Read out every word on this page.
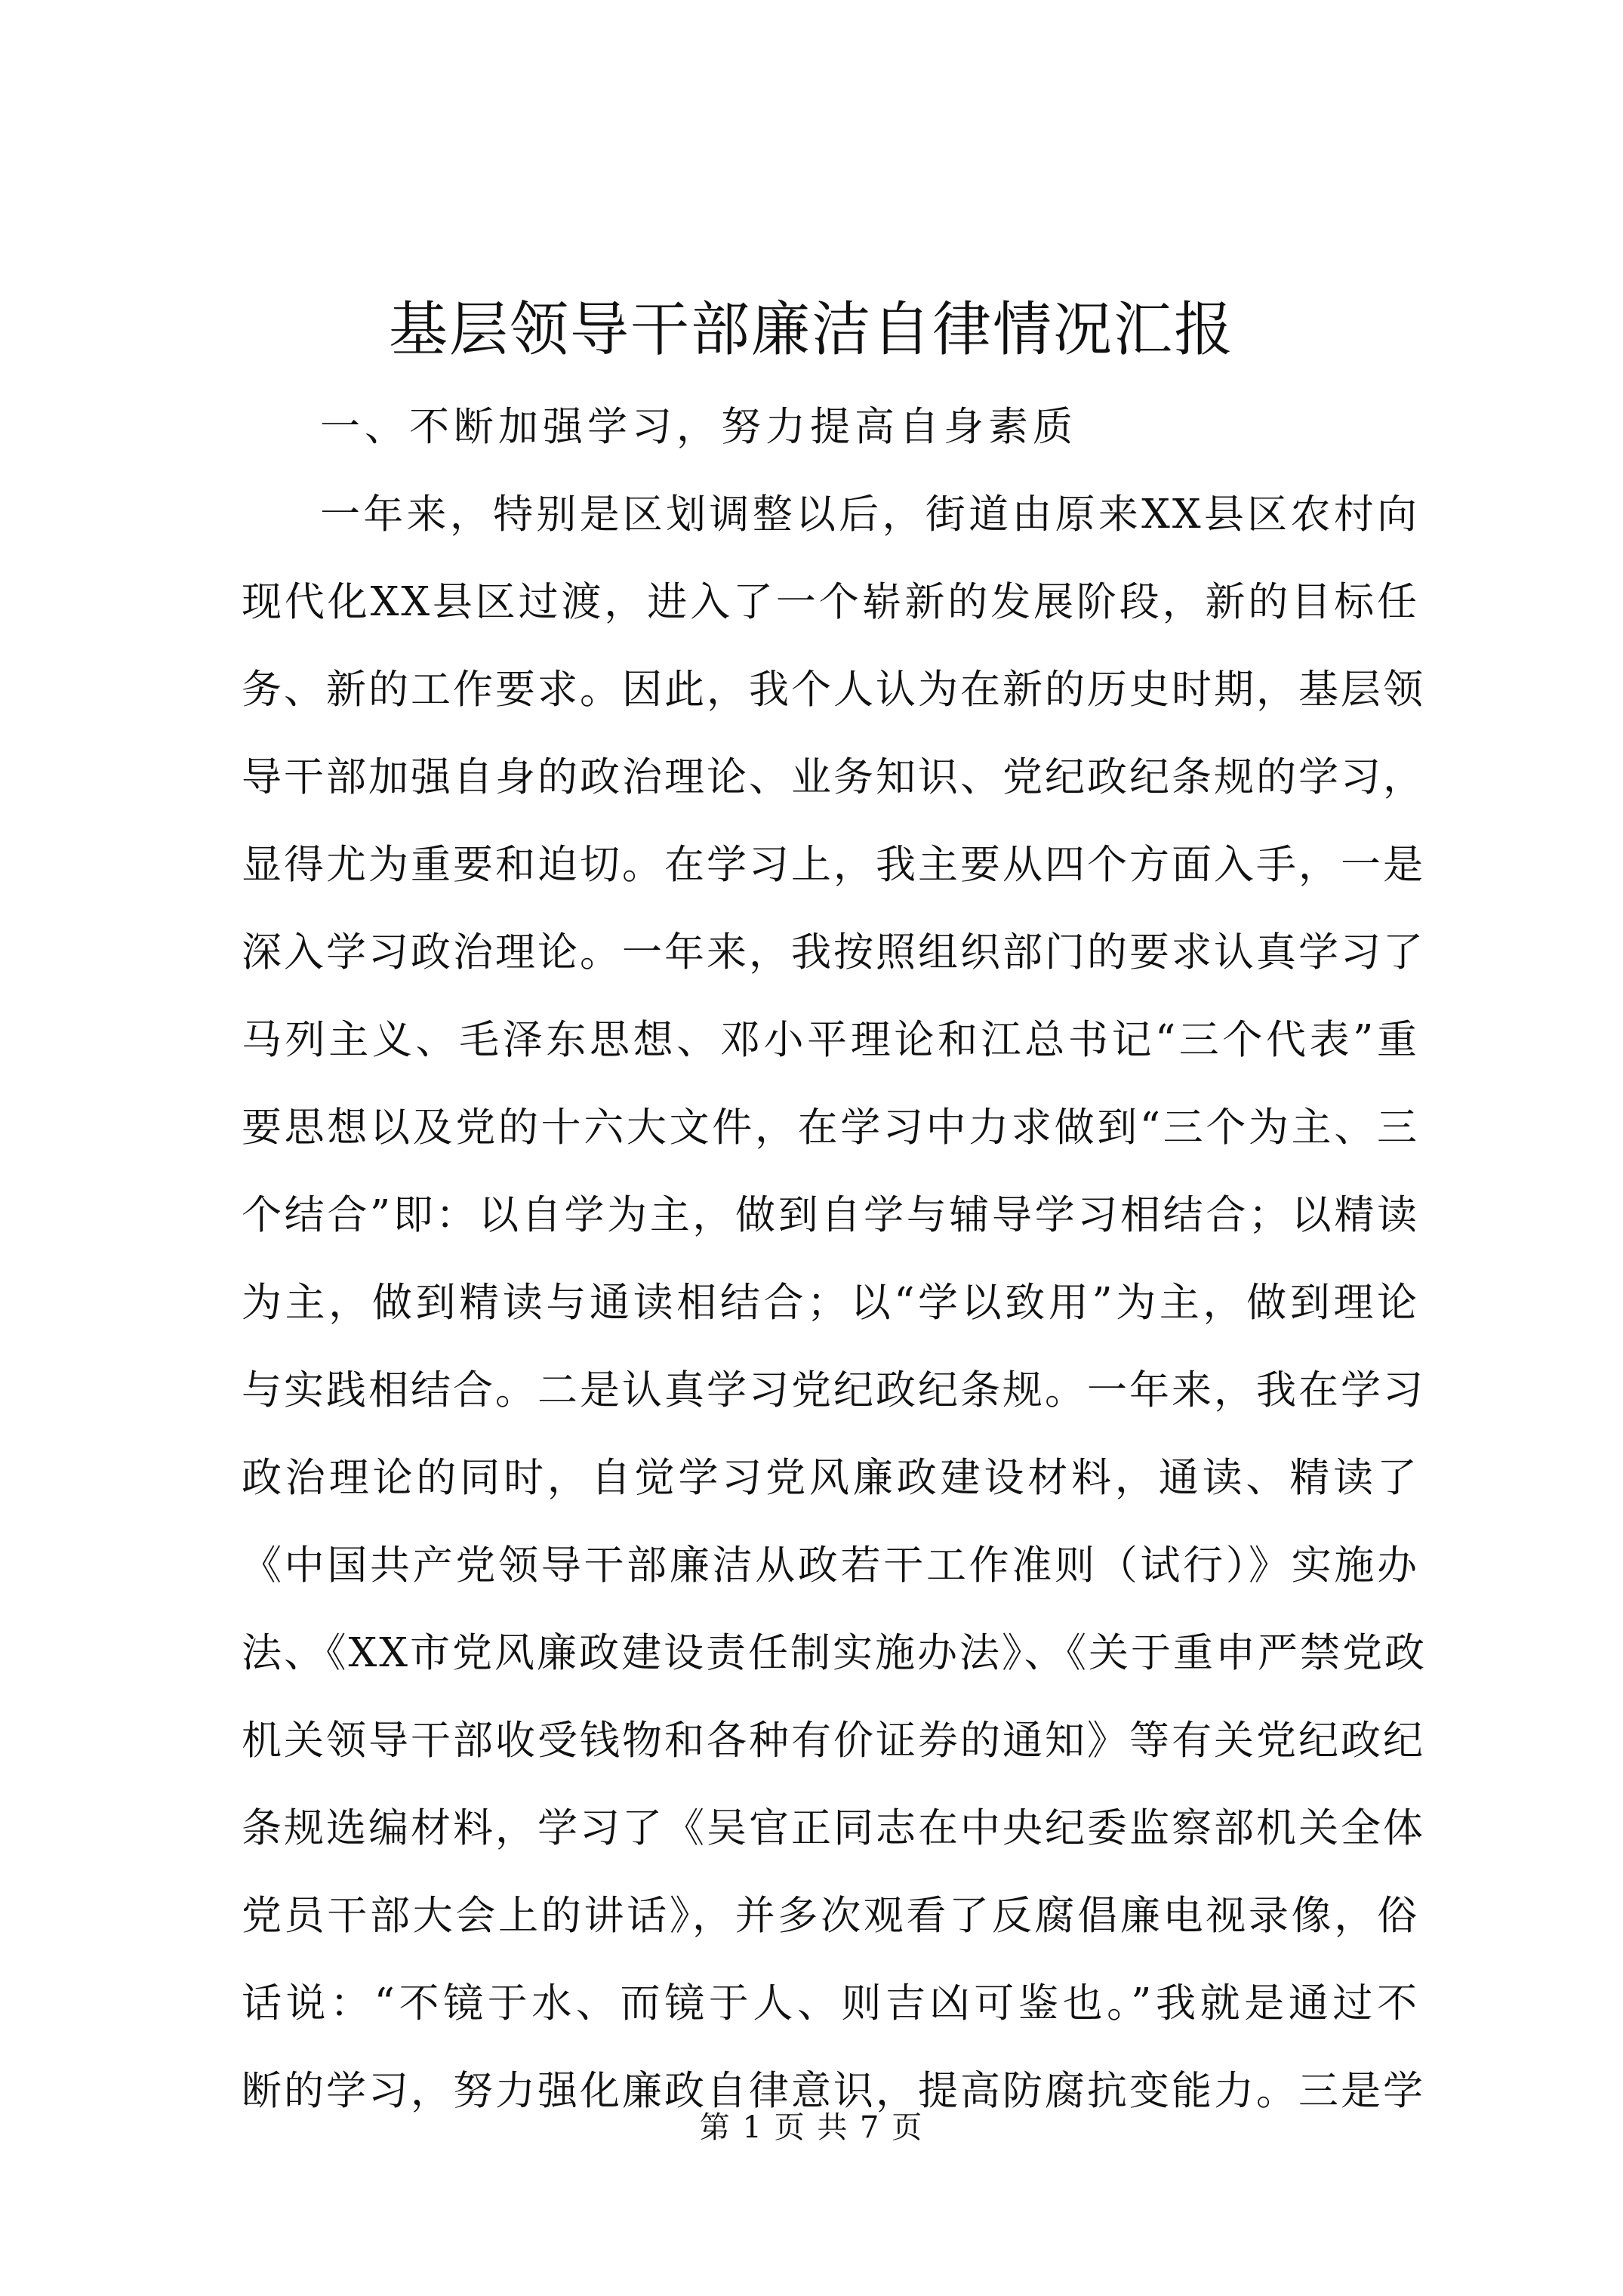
基层领导干部廉洁自律情况汇报
一、不断加强学习，努力提高自身素质
一年来，特别是区划调整以后，街道由原来XX县区农村向
现代化XX县区过渡，进入了一个崭新的发展阶段，新的目标任
务、新的工作要求。因此，我个人认为在新的历史时期，基层领
导干部加强自身的政治理论、业务知识、党纪政纪条规的学习，
显得尤为重要和迫切。在学习上，我主要从四个方面入手，一是
深入学习政治理论。一年来，我按照组织部门的要求认真学习了
马列主义、毛泽东思想、邓小平理论和江总书记“三个代表”重
要思想以及党的十六大文件，在学习中力求做到“三个为主、三
个结合”即：以自学为主，做到自学与辅导学习相结合；以精读
为主，做到精读与通读相结合；以“学以致用”为主，做到理论
与实践相结合。二是认真学习党纪政纪条规。一年来，我在学习
政治理论的同时，自觉学习党风廉政建设材料，通读、精读了
《中国共产党领导干部廉洁从政若干工作准则（试行）》实施办
法、《XX市党风廉政建设责任制实施办法》、《关于重申严禁党政
机关领导干部收受钱物和各种有价证券的通知》等有关党纪政纪
条规选编材料，学习了《吴官正同志在中央纪委监察部机关全体
党员干部大会上的讲话》，并多次观看了反腐倡廉电视录像，俗
话说：“不镜于水、而镜于人、则吉凶可鉴也。”我就是通过不
断的学习，努力强化廉政自律意识，提高防腐抗变能力。三是学
第 1 页 共 7 页
